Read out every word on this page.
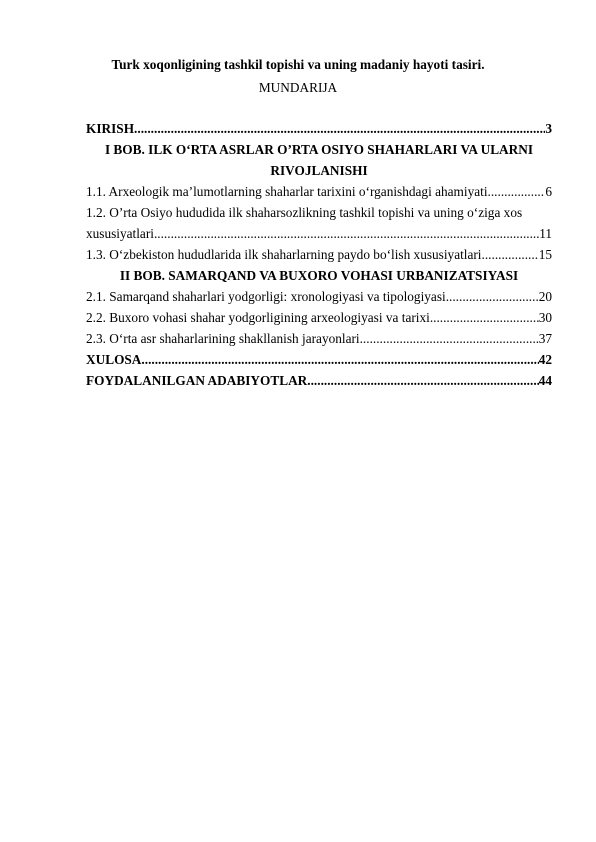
Turk xoqonligining tashkil topishi va uning madaniy hayoti tasiri.
MUNDARIJA
KIRISH .....	3
I BOB. ILK O‘RTA ASRLAR O’RTA OSIYO SHAHARLARI VA ULARNI
RIVOJLANISHI
1.1. Arxeologik ma’lumotlarning shaharlar tarixini o‘rganishdagi ahamiyati .....	6
1.2. O’rta Osiyo hududida ilk shaharsozlikning tashkil topishi va uning o‘ziga xos
xususiyatlari .....	11
1.3. O‘zbekiston hududlarida ilk shaharlarning paydo bo‘lish xususiyatlari .....	15
II BOB. SAMARQAND VA BUXORO VOHASI URBANIZATSIYASI
2.1. Samarqand shaharlari yodgorligi: xronologiyasi va tipologiyasi .....	20
2.2. Buxoro vohasi shahar yodgorligining arxeologiyasi va tarixi .....	30
2.3. O‘rta asr shaharlarining shakllanish jarayonlari .....	37
XULOSA .....	42
FOYDALANILGAN ADABIYOTLAR .....	44
